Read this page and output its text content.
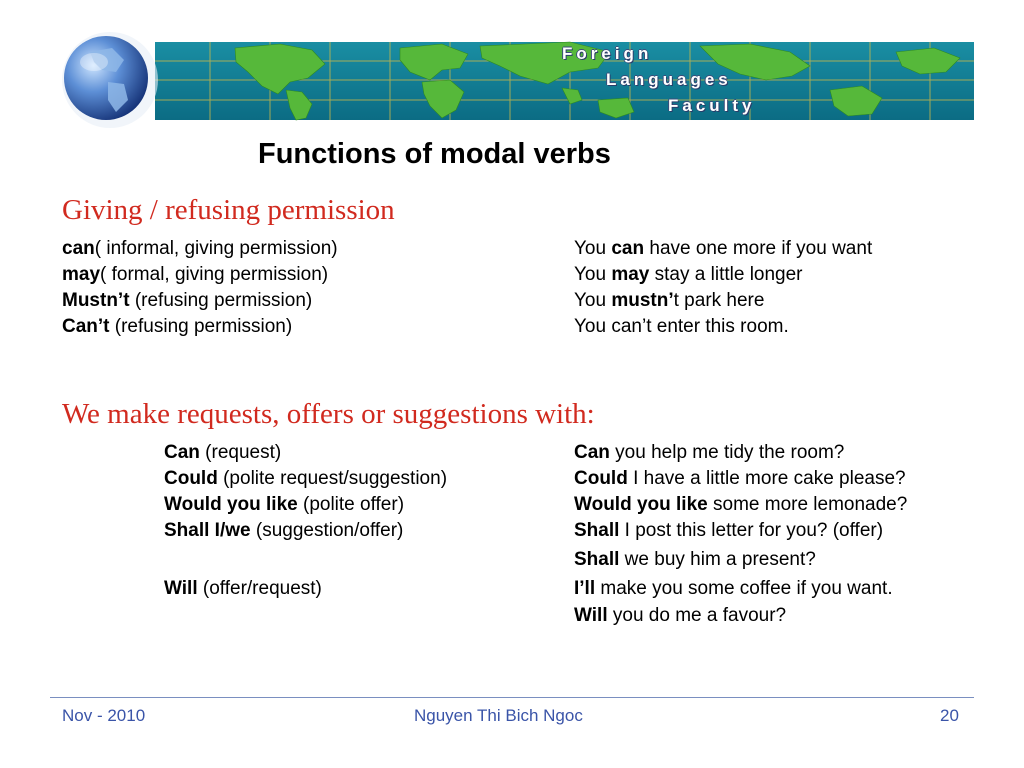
Foreign
Languages
Faculty
Functions of modal verbs
Giving / refusing permission
can( informal, giving permission)
may( formal, giving permission)
Mustn’t (refusing permission)
Can’t (refusing permission)
You can have one more if you want
You may stay a little longer
You mustn’t park here
You can’t enter this room.
We make requests, offers or suggestions with:
Can (request)
Could (polite request/suggestion)
Would you like (polite offer)
Shall I/we (suggestion/offer)
Will (offer/request)
Can you help me tidy the room?
Could I have a little more cake please?
Would you like some more lemonade?
Shall I post this letter for you? (offer)
Shall we buy him a present?
I’ll make you some coffee if you want.
Will you do me a favour?
Nov - 2010	Nguyen Thi Bich Ngoc	20
